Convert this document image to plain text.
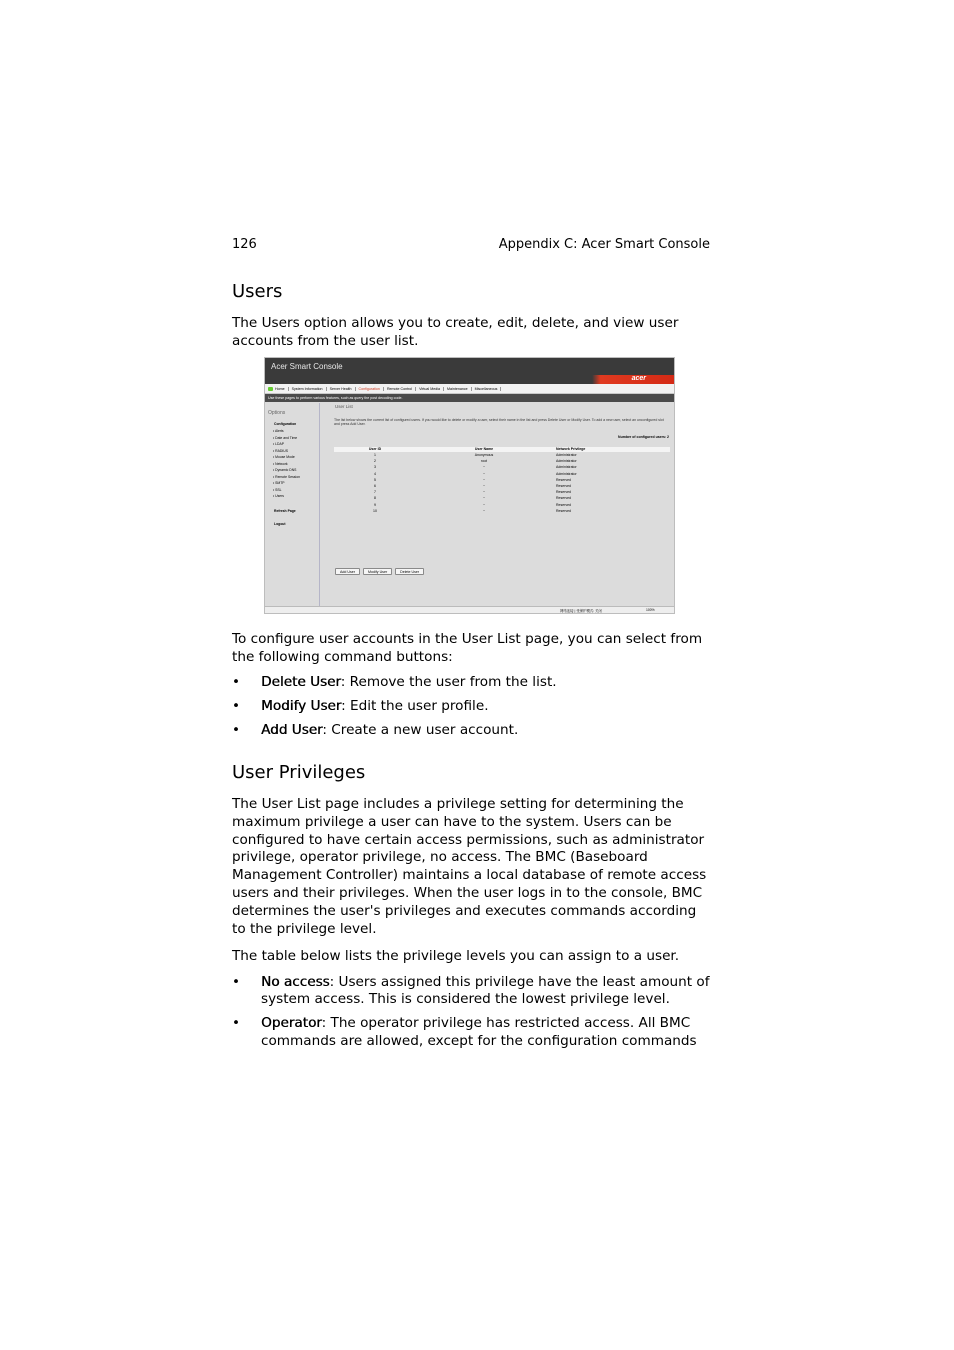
126	Appendix C: Acer Smart Console
Users

The Users option allows you to create, edit, delete, and view user accounts from the user list.

Acer Smart Console
acer
Home	System Information	Server Health	Configuration	Remote Control	Virtual Media	Maintenance	Miscellaneous
Use these pages to perform various features, such as query the post decoding code.
Options
Configuration
• Alerts
• Date and Time
• LDAP
• RADIUS
• Mouse Mode
• Network
• Dynamic DNS
• Remote Session
• SMTP
• SSL
• Users
Refresh Page
Logout
User List
The list below shows the current list of configured users. If you would like to delete or modify a user, select their name in the list and press Delete User or Modify User. To add a new user, select an unconfigured slot and press Add User.
Number of configured users: 2
User ID	User Name	Network Privilege
1	Anonymous	Administrator
2	root	Administrator
3	~	Administrator
4	~	Administrator
5	~	Reserved
6	~	Reserved
7	~	Reserved
8	~	Reserved
9	~	Reserved
10	~	Reserved
Add User	Modify User	Delete User
网络连接 | 受保护模式: 关闭	100%

To configure user accounts in the User List page, you can select from the following command buttons:

• Delete User: Remove the user from the list.
• Modify User: Edit the user profile.
• Add User: Create a new user account.
User Privileges

The User List page includes a privilege setting for determining the maximum privilege a user can have to the system. Users can be configured to have certain access permissions, such as administrator privilege, operator privilege, no access. The BMC (Baseboard Management Controller) maintains a local database of remote access users and their privileges. When the user logs in to the console, BMC determines the user's privileges and executes commands according to the privilege level.

The table below lists the privilege levels you can assign to a user.

• No access: Users assigned this privilege have the least amount of system access. This is considered the lowest privilege level.
• Operator: The operator privilege has restricted access. All BMC commands are allowed, except for the configuration commands
